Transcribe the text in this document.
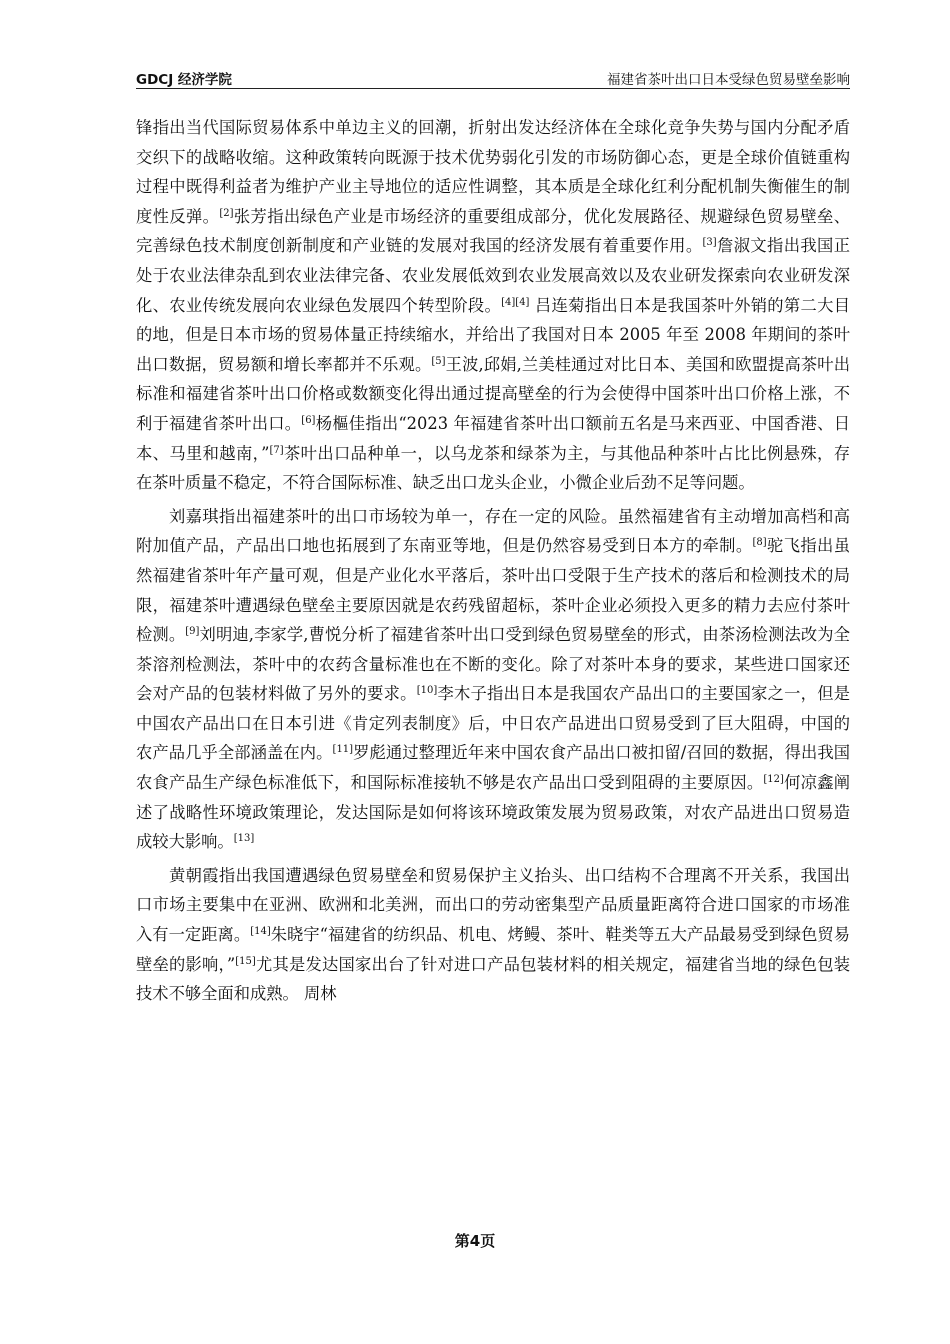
GDCJ 经济学院	福建省茶叶出口日本受绿色贸易壁垒影响

锋指出当代国际贸易体系中单边主义的回潮，折射出发达经济体在全球化竞争失势与国内分配矛盾交织下的战略收缩。这种政策转向既源于技术优势弱化引发的市场防御心态，更是全球价值链重构过程中既得利益者为维护产业主导地位的适应性调整，其本质是全球化红利分配机制失衡催生的制度性反弹。[2]张芳指出绿色产业是市场经济的重要组成部分，优化发展路径、规避绿色贸易壁垒、完善绿色技术制度创新制度和产业链的发展对我国的经济发展有着重要作用。[3]詹淑文指出我国正处于农业法律杂乱到农业法律完备、农业发展低效到农业发展高效以及农业研发探索向农业研发深化、农业传统发展向农业绿色发展四个转型阶段。[4][4] 吕连菊指出日本是我国茶叶外销的第二大目的地，但是日本市场的贸易体量正持续缩水，并给出了我国对日本 2005 年至 2008 年期间的茶叶出口数据，贸易额和增长率都并不乐观。[5]王波,邱娟,兰美桂通过对比日本、美国和欧盟提高茶叶出标准和福建省茶叶出口价格或数额变化得出通过提高壁垒的行为会使得中国茶叶出口价格上涨，不利于福建省茶叶出口。[6]杨樞佳指出“2023 年福建省茶叶出口额前五名是马来西亚、中国香港、日本、马里和越南，”[7]茶叶出口品种单一，以乌龙茶和绿茶为主，与其他品种茶叶占比比例悬殊，存在茶叶质量不稳定，不符合国际标准、缺乏出口龙头企业，小微企业后劲不足等问题。

刘嘉琪指出福建茶叶的出口市场较为单一，存在一定的风险。虽然福建省有主动增加高档和高附加值产品，产品出口地也拓展到了东南亚等地，但是仍然容易受到日本方的牵制。[8]驼飞指出虽然福建省茶叶年产量可观，但是产业化水平落后，茶叶出口受限于生产技术的落后和检测技术的局限，福建茶叶遭遇绿色壁垒主要原因就是农药残留超标，茶叶企业必须投入更多的精力去应付茶叶检测。[9]刘明迪,李家学,曹悦分析了福建省茶叶出口受到绿色贸易壁垒的形式，由茶汤检测法改为全茶溶剂检测法，茶叶中的农药含量标准也在不断的变化。除了对茶叶本身的要求，某些进口国家还会对产品的包装材料做了另外的要求。[10]李木子指出日本是我国农产品出口的主要国家之一，但是中国农产品出口在日本引进《肯定列表制度》后，中日农产品进出口贸易受到了巨大阻碍，中国的农产品几乎全部涵盖在内。[11]罗彪通过整理近年来中国农食产品出口被扣留/召回的数据，得出我国农食产品生产绿色标准低下，和国际标准接轨不够是农产品出口受到阻碍的主要原因。[12]何凉鑫阐述了战略性环境政策理论，发达国际是如何将该环境政策发展为贸易政策，对农产品进出口贸易造成较大影响。[13]

黄朝霞指出我国遭遇绿色贸易壁垒和贸易保护主义抬头、出口结构不合理离不开关系，我国出口市场主要集中在亚洲、欧洲和北美洲，而出口的劳动密集型产品质量距离符合进口国家的市场准入有一定距离。[14]朱晓宇“福建省的纺织品、机电、烤鳗、茶叶、鞋类等五大产品最易受到绿色贸易壁垒的影响，”[15]尤其是发达国家出台了针对进口产品包装材料的相关规定，福建省当地的绿色包装技术不够全面和成熟。 周林

第4页
